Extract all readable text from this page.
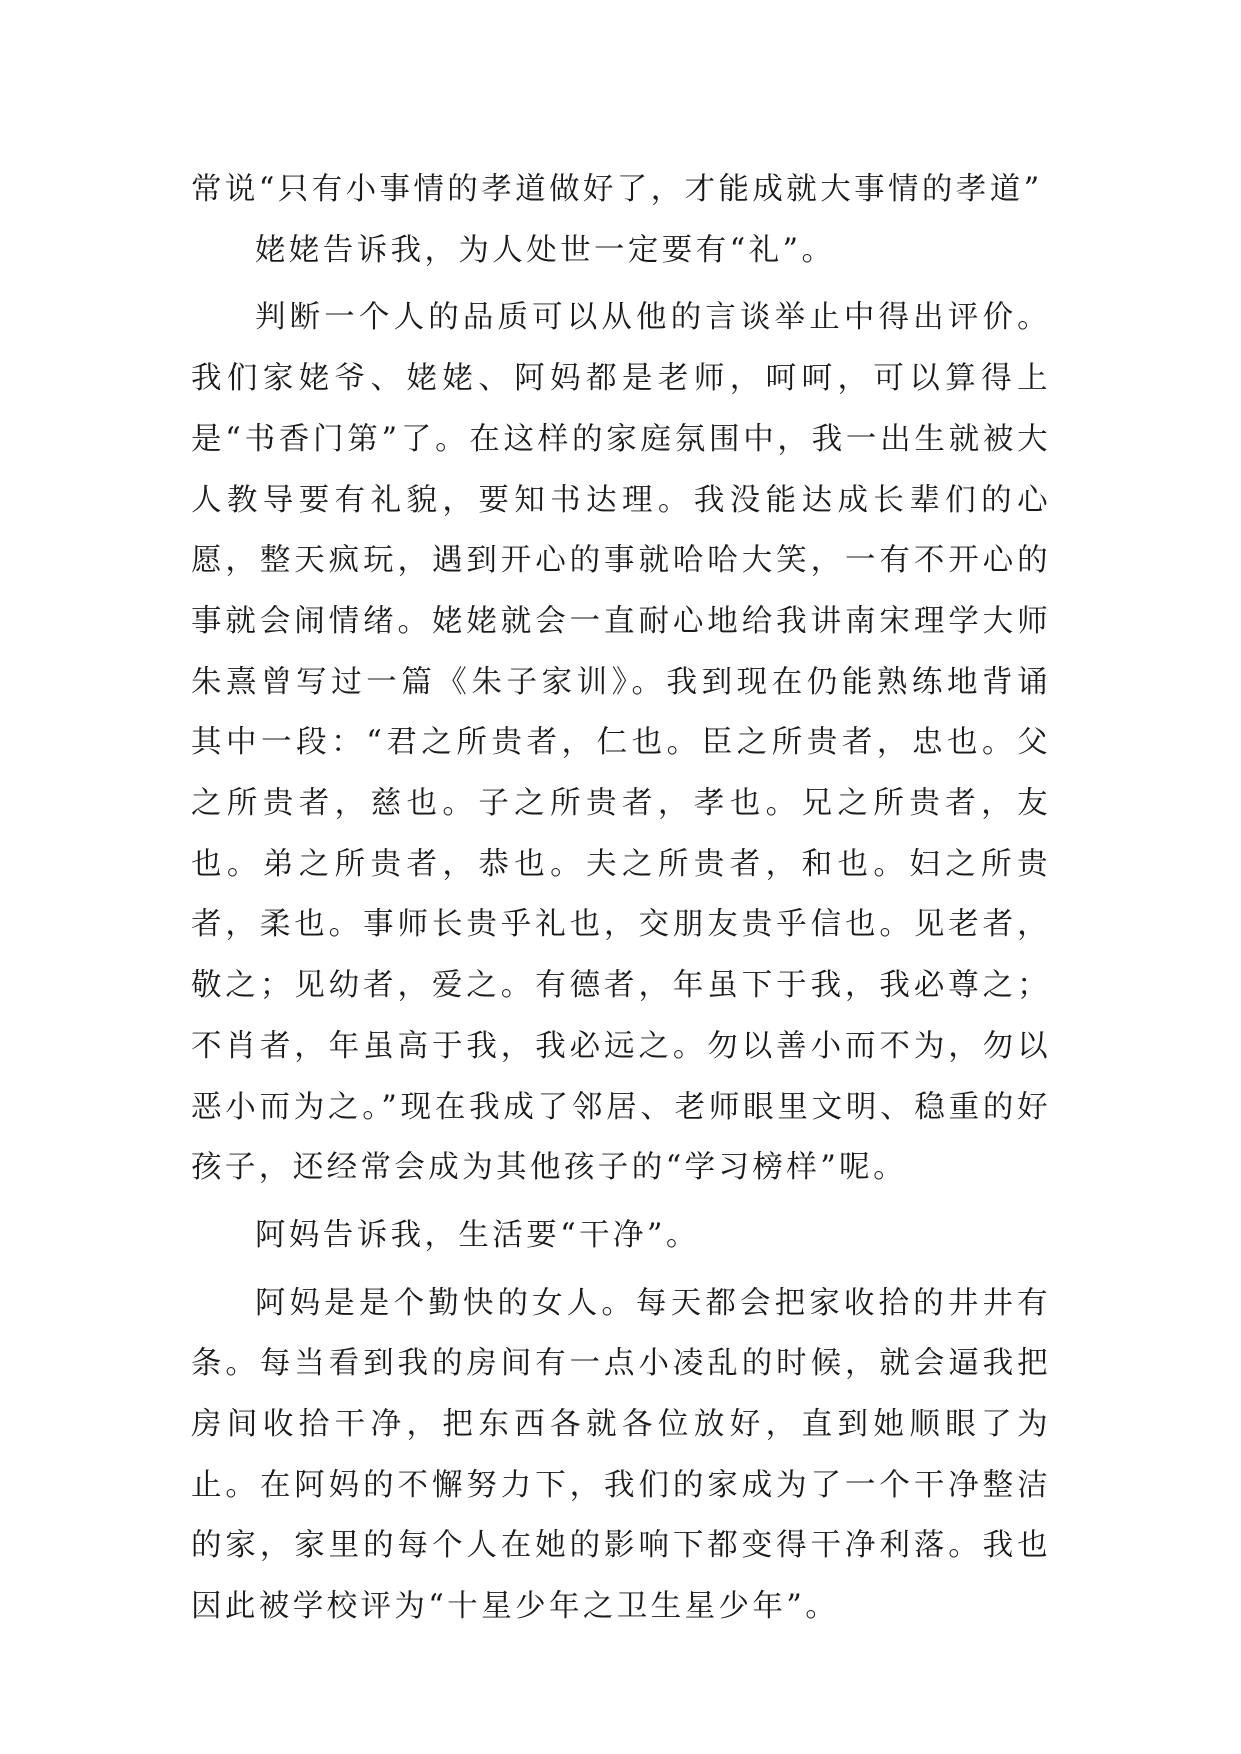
常说“只有小事情的孝道做好了，才能成就大事情的孝道”

姥姥告诉我，为人处世一定要有“礼”。

判断一个人的品质可以从他的言谈举止中得出评价。我们家姥爷、姥姥、阿妈都是老师，呵呵，可以算得上是“书香门第”了。在这样的家庭氛围中，我一出生就被大人教导要有礼貌，要知书达理。我没能达成长辈们的心愿，整天疯玩，遇到开心的事就哈哈大笑，一有不开心的事就会闹情绪。姥姥就会一直耐心地给我讲南宋理学大师朱熹曾写过一篇《朱子家训》。我到现在仍能熟练地背诵其中一段：“君之所贵者，仁也。臣之所贵者，忠也。父之所贵者，慈也。子之所贵者，孝也。兄之所贵者，友也。弟之所贵者，恭也。夫之所贵者，和也。妇之所贵者，柔也。事师长贵乎礼也，交朋友贵乎信也。见老者，敬之；见幼者，爱之。有德者，年虽下于我，我必尊之；不肖者，年虽高于我，我必远之。勿以善小而不为，勿以恶小而为之。”现在我成了邻居、老师眼里文明、稳重的好孩子，还经常会成为其他孩子的“学习榜样”呢。

阿妈告诉我，生活要“干净”。

阿妈是是个勤快的女人。每天都会把家收拾的井井有条。每当看到我的房间有一点小凌乱的时候，就会逼我把房间收拾干净，把东西各就各位放好，直到她顺眼了为止。在阿妈的不懈努力下，我们的家成为了一个干净整洁的家，家里的每个人在她的影响下都变得干净利落。我也因此被学校评为“十星少年之卫生星少年”。
